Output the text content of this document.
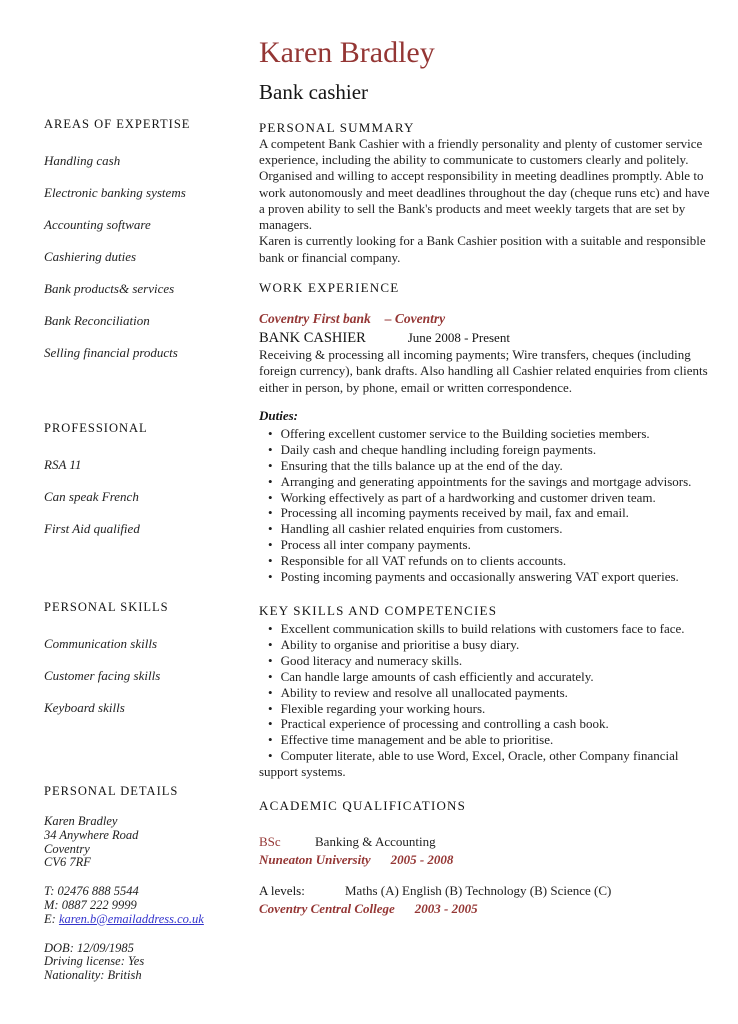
AREAS OF EXPERTISE
Handling cash
Electronic banking systems
Accounting software
Cashiering duties
Bank products& services
Bank Reconciliation
Selling financial products
PROFESSIONAL
RSA 11
Can speak French
First Aid qualified
PERSONAL SKILLS
Communication skills
Customer facing skills
Keyboard skills
PERSONAL DETAILS
Karen Bradley
34 Anywhere Road
Coventry
CV6 7RF
T: 02476 888 5544
M: 0887 222 9999
E: karen.b@emailaddress.co.uk
DOB: 12/09/1985
Driving license: Yes
Nationality: British
Karen Bradley
Bank cashier
PERSONAL SUMMARY

A competent Bank Cashier with a friendly personality and plenty of customer service experience, including the ability to communicate to customers clearly and politely. Organised and willing to accept responsibility in meeting deadlines promptly. Able to work autonomously and meet deadlines throughout the day (cheque runs etc) and have a proven ability to sell the Bank's products and meet weekly targets that are set by managers.

Karen is currently looking for a Bank Cashier position with a suitable and responsible bank or financial company.

WORK EXPERIENCE
Coventry First bank – Coventry
BANK CASHIER	June 2008 - Present

Receiving & processing all incoming payments; Wire transfers, cheques (including foreign currency), bank drafts. Also handling all Cashier related enquiries from clients either in person, by phone, email or written correspondence.

Duties:
• Offering excellent customer service to the Building societies members.
• Daily cash and cheque handling including foreign payments.
• Ensuring that the tills balance up at the end of the day.
• Arranging and generating appointments for the savings and mortgage advisors.
• Working effectively as part of a hardworking and customer driven team.
• Processing all incoming payments received by mail, fax and email.
• Handling all cashier related enquiries from customers.
• Process all inter company payments.
• Responsible for all VAT refunds on to clients accounts.
• Posting incoming payments and occasionally answering VAT export queries.
KEY SKILLS AND COMPETENCIES
• Excellent communication skills to build relations with customers face to face.
• Ability to organise and prioritise a busy diary.
• Good literacy and numeracy skills.
• Can handle large amounts of cash efficiently and accurately.
• Ability to review and resolve all unallocated payments.
• Flexible regarding your working hours.
• Practical experience of processing and controlling a cash book.
• Effective time management and be able to prioritise.
• Computer literate, able to use Word, Excel, Oracle, other Company financial support systems.
ACADEMIC QUALIFICATIONS
BSc	Banking & Accounting
Nuneaton University 2005 - 2008
A levels:	Maths (A) English (B) Technology (B) Science (C)
Coventry Central College 2003 - 2005
